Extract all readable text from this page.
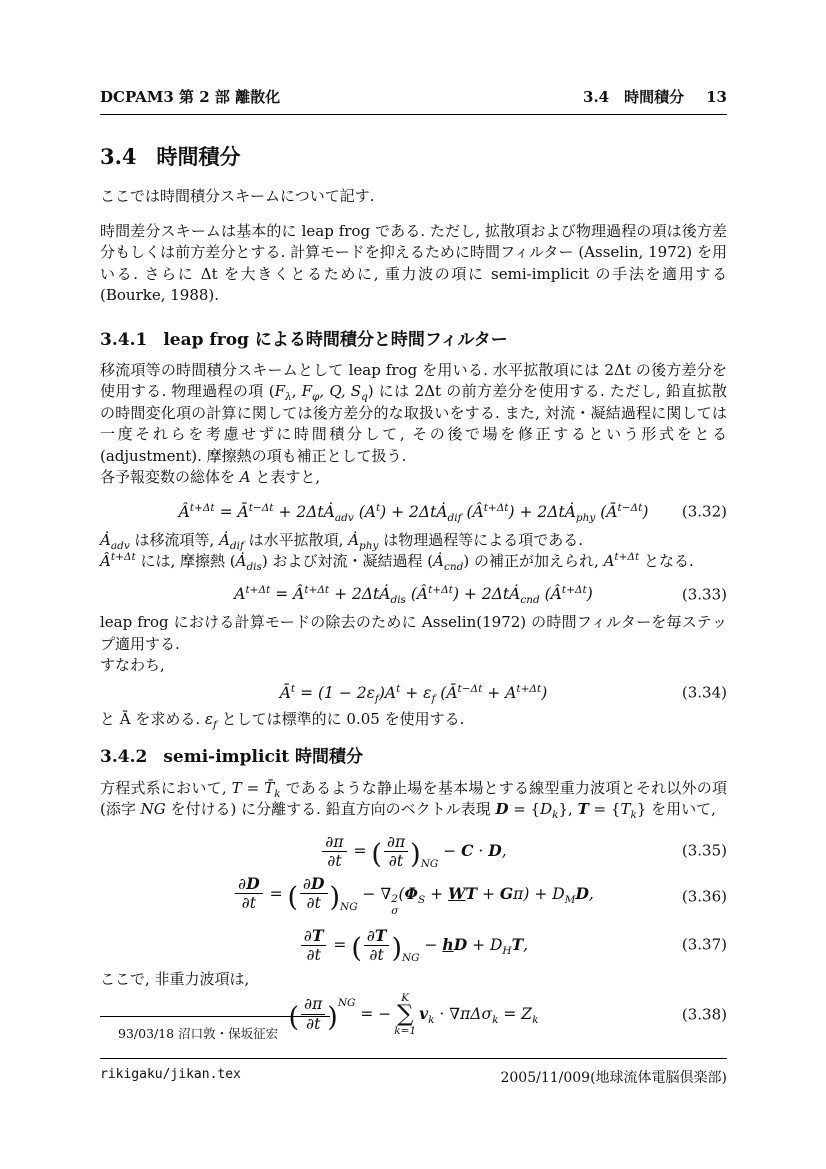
DCPAM3 第 2 部 離散化	3.4　時間積分 13
3.4 時間積分

ここでは時間積分スキームについて記す.

時間差分スキームは基本的に leap frog である. ただし, 拡散項および物理過程の項は後方差分もしくは前方差分とする. 計算モードを抑えるために時間フィルター (Asselin, 1972) を用いる. さらに Δt を大きくとるために, 重力波の項に semi-implicit の手法を適用する (Bourke, 1988).

3.4.1 leap frog による時間積分と時間フィルター

移流項等の時間積分スキームとして leap frog を用いる. 水平拡散項には 2Δt の後方差分を使用する. 物理過程の項 ($F_\lambda$, $F_\varphi$, Q, $S_q$) には 2Δt の前方差分を使用する. ただし, 鉛直拡散の時間変化項の計算に関しては後方差分的な取扱いをする. また, 対流・凝結過程に関しては一度それらを考慮せずに時間積分して, その後で場を修正するという形式をとる (adjustment). 摩擦熱の項も補正として扱う.

各予報変数の総体を A と表すと,

$Â^{t+\Delta t}$ = $Ā^{t-\Delta t}$ + 2ΔtȦ$_{adv}$ $(A^t)$ + 2ΔtȦ$_{dif}$ $(Â^{t+\Delta t})$ + 2ΔtȦ$_{phy}$ $(Ā^{t-\Delta t})$ (3.32)

$Ȧ_{adv}$ は移流項等, $Ȧ_{dif}$ は水平拡散項, $Ȧ_{phy}$ は物理過程等による項である.

$Â^{t+\Delta t}$ には, 摩擦熱 $(Ȧ_{dis})$ および対流・凝結過程 $(Ȧ_{cnd})$ の補正が加えられ, $A^{t+\Delta t}$ となる.

$A^{t+\Delta t}$ = $Â^{t+\Delta t}$ + 2ΔtȦ$_{dis}$ $(Â^{t+\Delta t})$ + 2ΔtȦ$_{cnd}$ $(Â^{t+\Delta t})$	(3.33)

leap frog における計算モードの除去のために Asselin(1972) の時間フィルターを毎ステップ適用する.

すなわち,

$Ā^t = (1 - 2\varepsilon_f)A^t + \varepsilon_f$ $(Ā^{t-\Delta t} + A^{t+\Delta t})$	(3.34)

と Ā を求める. $\varepsilon_f$ としては標準的に 0.05 を使用する.

3.4.2 semi-implicit 時間積分

方程式系において, $T = T̄_k$ であるような静止場を基本場とする線型重力波項とそれ以外の項 (添字 NG を付ける) に分離する. 鉛直方向のベクトル表現 $D = \{D_k\}$, $T = \{T_k\}$ を用いて,

$\frac{\partial\pi}{\partial t}$ = ( $\frac{\partial\pi}{\partial t} )_{NG} - C \cdot D$,	(3.35)
$\frac{\partial D}{\partial t}$ = ( $\frac{\partial D}{\partial t} )_{NG}$ − ∇ 2
σ
($\Phi_S$ + WT + $G\pi) + D_MD$,	(3.36)
$\frac{\partial T}{\partial t}$ = ( $\frac{\partial T}{\partial t} )_{NG}$ − hD + $D_HT$,	(3.37)

ここで, 非重力波項は,

( $\frac{\partial\pi}{\partial t} )^{NG}$ = −
K
∑
k=1
$v_k \cdot \nabla\pi\Delta\sigma_k = Z_k$	(3.38)
93/03/18 沼口敦・保坂征宏
rikigaku/jikan.tex	2005/11/009(地球流体電脳倶楽部)
